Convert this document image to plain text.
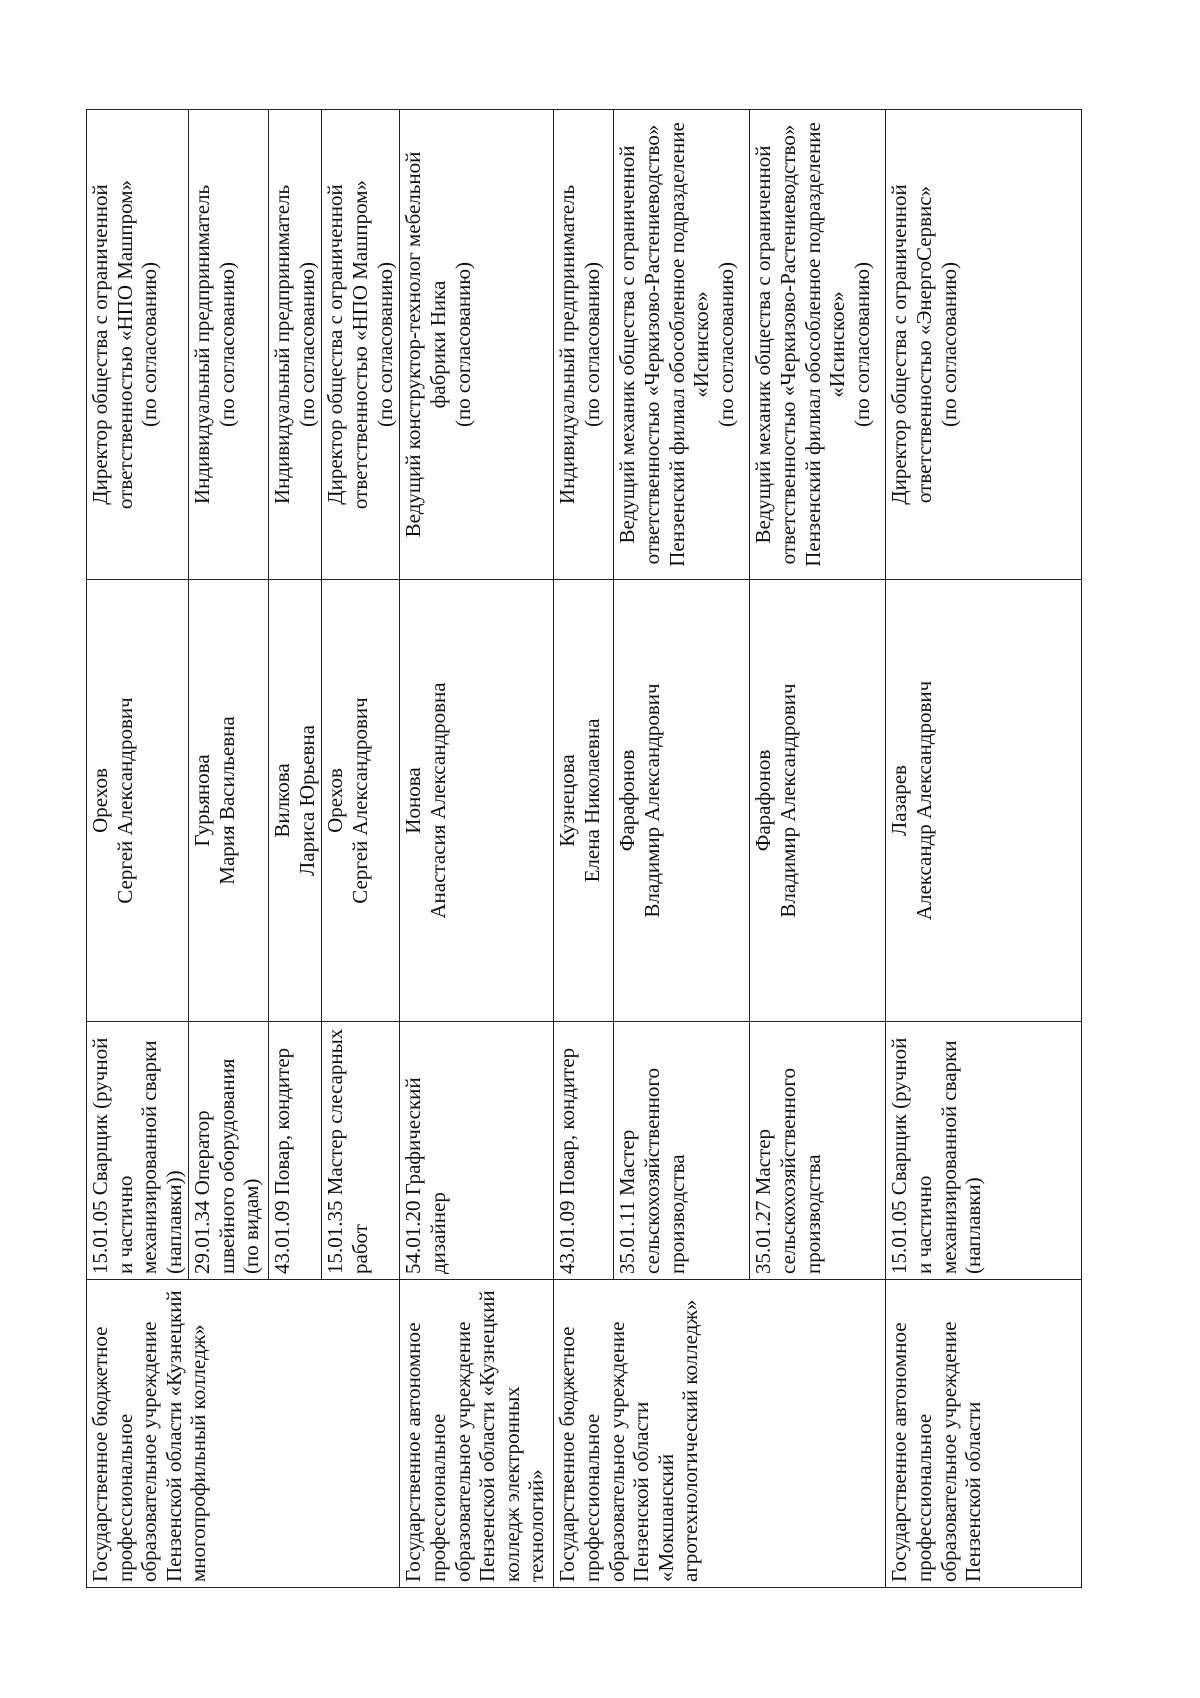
Государственное бюджетное профессиональное образовательное учреждение Пензенской области «Кузнецкий многопрофильный колледж»	15.01.05 Сварщик (ручной и частично механизированной сварки (наплавки))	Орехов Сергей Александрович	Директор общества с ограниченной ответственностью «НПО Машпром» (по согласованию)

	29.01.34 Оператор швейного оборудования (по видам)	Гурьянова Мария Васильевна	Индивидуальный предприниматель (по согласованию)

	43.01.09 Повар, кондитер	Вилкова Лариса Юрьевна	Индивидуальный предприниматель (по согласованию)

	15.01.35 Мастер слесарных работ	Орехов Сергей Александрович	Директор общества с ограниченной ответственностью «НПО Машпром» (по согласованию)

Государственное автономное профессиональное образовательное учреждение Пензенской области «Кузнецкий колледж электронных технологий»	54.01.20 Графический дизайнер	Ионова Анастасия Александровна	Ведущий конструктор-технолог мебельной фабрики Ника (по согласованию)

Государственное бюджетное профессиональное образовательное учреждение Пензенской области «Мокшанский агротехнологический колледж»	43.01.09 Повар, кондитер	Кузнецова Елена Николаевна	Индивидуальный предприниматель (по согласованию)

	35.01.11 Мастер сельскохозяйственного производства	Фарафонов Владимир Александрович	Ведущий механик общества с ограниченной ответственностью «Черкизово-Растениеводство» Пензенский филиал обособленное подразделение «Исинское» (по согласованию)

	35.01.27 Мастер сельскохозяйственного производства	Фарафонов Владимир Александрович	Ведущий механик общества с ограниченной ответственностью «Черкизово-Растениеводство» Пензенский филиал обособленное подразделение «Исинское» (по согласованию)

Государственное автономное профессиональное образовательное учреждение Пензенской области	15.01.05 Сварщик (ручной и частично механизированной сварки (наплавки)	Лазарев Александр Александрович	Директор общества с ограниченной ответственностью «ЭнергоСервис» (по согласованию)
